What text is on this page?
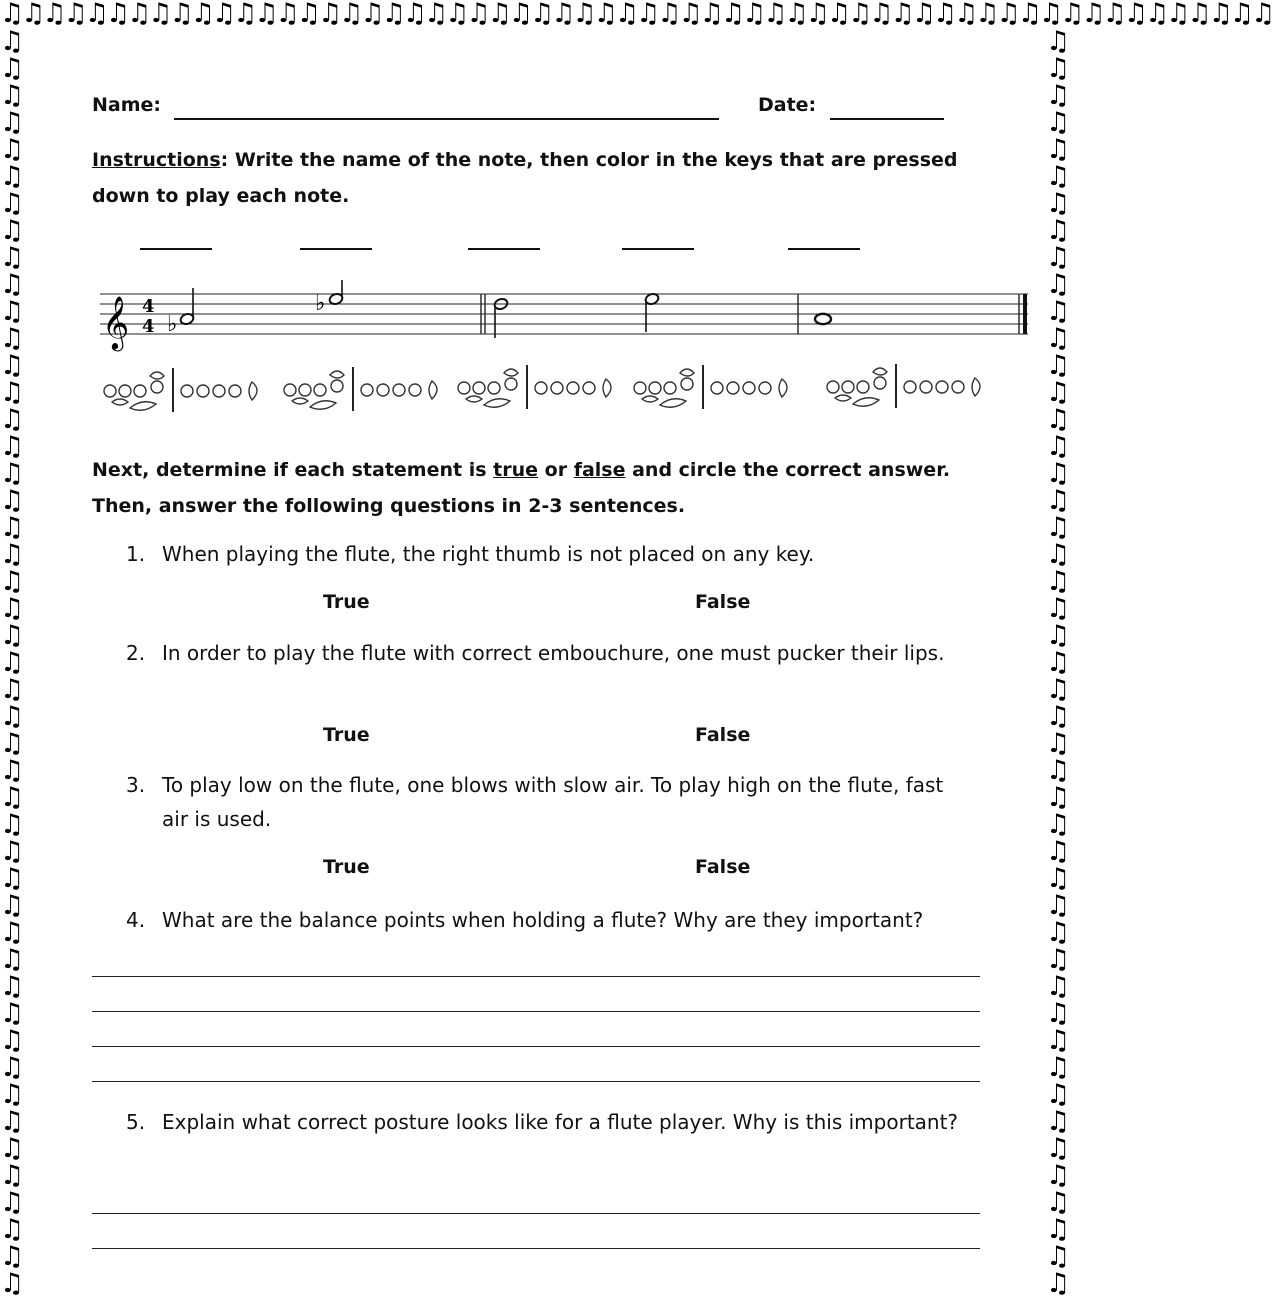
♫♫♫♫♫♫♫♫♫♫♫♫♫♫♫♫♫♫♫♫♫♫♫♫♫♫♫♫♫♫♫♫♫♫♫♫♫♫♫♫♫♫♫♫♫♫♫♫♫♫♫♫♫♫♫♫♫♫♫♫
♫
♫
♫
♫
♫
♫
♫
♫
♫
♫
♫
♫
♫
♫
♫
♫
♫
♫
♫
♫
♫
♫
♫
♫
♫
♫
♫
♫
♫
♫
♫
♫
♫
♫
♫
♫
♫
♫
♫
♫
♫
♫
♫
♫
♫
♫
♫
♫
♫
♫
♫
♫
♫
♫
♫
♫
♫
♫
♫
♫
♫
♫
♫
♫
♫
♫
♫
♫
♫
♫
♫
♫
♫
♫
♫
♫
♫
♫
♫
♫
♫
♫
♫
♫
♫
♫
♫
♫
♫
♫
♫
♫
♫
♫
Name:	Date:
Instructions: Write the name of the note, then color in the keys that are pressed down to play each note.
𝄞 4
4 ♭
♭
Next, determine if each statement is true or false and circle the correct answer. Then, answer the following questions in 2-3 sentences.
1. When playing the flute, the right thumb is not placed on any key.
True	False
2. In order to play the flute with correct embouchure, one must pucker their lips.
True	False
3. To play low on the flute, one blows with slow air. To play high on the flute, fast air is used.
True	False
4. What are the balance points when holding a flute? Why are they important?
5. Explain what correct posture looks like for a flute player. Why is this important?
